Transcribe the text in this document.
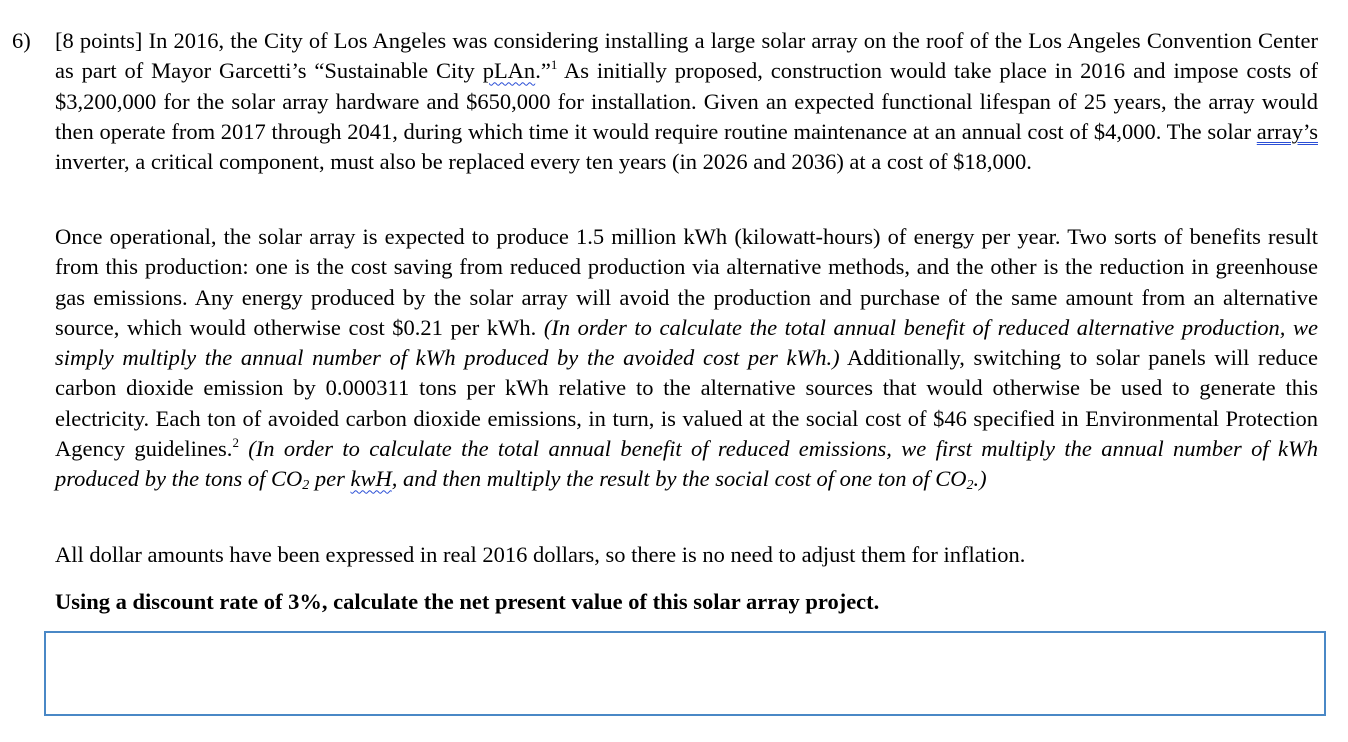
6) [8 points] In 2016, the City of Los Angeles was considering installing a large solar array on the roof of the Los Angeles Convention Center as part of Mayor Garcetti’s “Sustainable City pLAn.”$^1$ As initially proposed, construction would take place in 2016 and impose costs of $3,200,000 for the solar array hardware and $650,000 for installation. Given an expected functional lifespan of 25 years, the array would then operate from 2017 through 2041, during which time it would require routine maintenance at an annual cost of $4,000. The solar array’s inverter, a critical component, must also be replaced every ten years (in 2026 and 2036) at a cost of $18,000.
Once operational, the solar array is expected to produce 1.5 million kWh (kilowatt-hours) of energy per year. Two sorts of benefits result from this production: one is the cost saving from reduced production via alternative methods, and the other is the reduction in greenhouse gas emissions. Any energy produced by the solar array will avoid the production and purchase of the same amount from an alternative source, which would otherwise cost $0.21 per kWh. (In order to calculate the total annual benefit of reduced alternative production, we simply multiply the annual number of kWh produced by the avoided cost per kWh.) Additionally, switching to solar panels will reduce carbon dioxide emission by 0.000311 tons per kWh relative to the alternative sources that would otherwise be used to generate this electricity. Each ton of avoided carbon dioxide emissions, in turn, is valued at the social cost of $46 specified in Environmental Protection Agency guidelines.$^2$ (In order to calculate the total annual benefit of reduced emissions, we first multiply the annual number of kWh produced by the tons of $CO_2$ per kwH, and then multiply the result by the social cost of one ton of $CO_2$.)
All dollar amounts have been expressed in real 2016 dollars, so there is no need to adjust them for inflation.
Using a discount rate of 3%, calculate the net present value of this solar array project.
